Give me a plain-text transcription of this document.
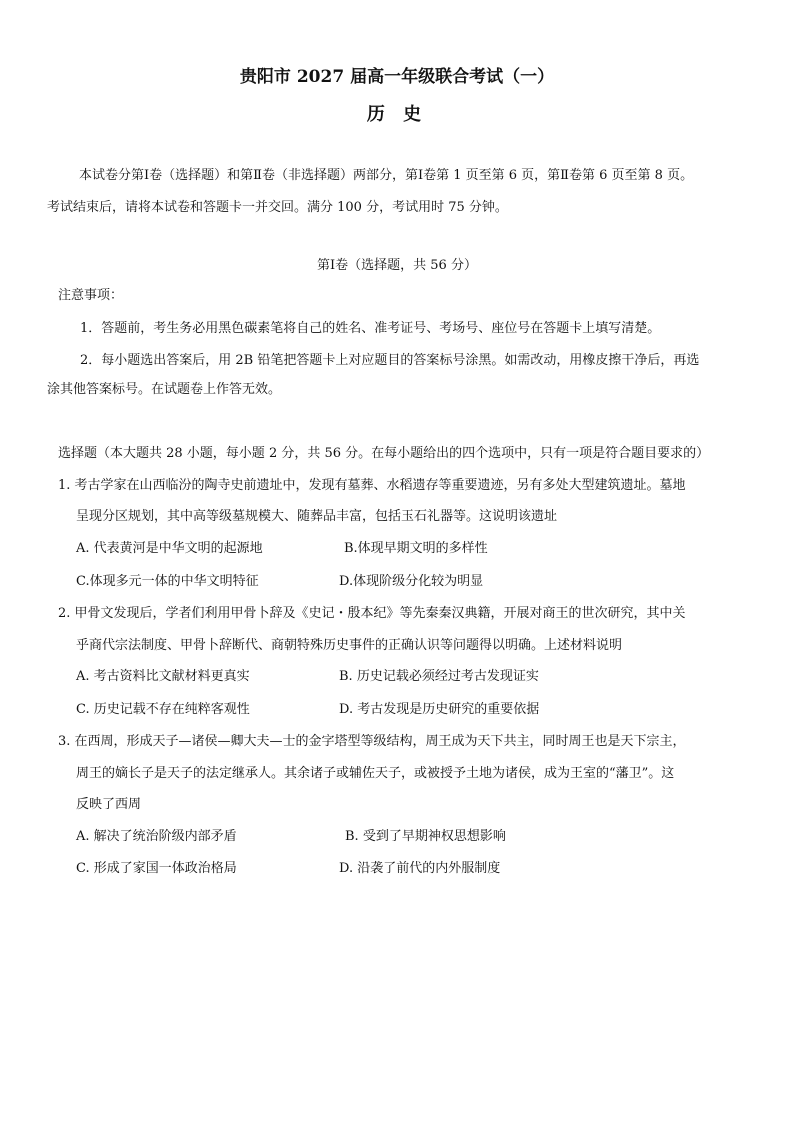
贵阳市 2027 届高一年级联合考试（一）
历 史
本试卷分第Ⅰ卷（选择题）和第Ⅱ卷（非选择题）两部分，第Ⅰ卷第 1 页至第 6 页，第Ⅱ卷第 6 页至第 8 页。
考试结束后，请将本试卷和答题卡一并交回。满分 100 分，考试用时 75 分钟。
第Ⅰ卷（选择题，共 56 分）
注意事项：
1．答题前，考生务必用黑色碳素笔将自己的姓名、准考证号、考场号、座位号在答题卡上填写清楚。
2．每小题选出答案后，用 2B 铅笔把答题卡上对应题目的答案标号涂黑。如需改动，用橡皮擦干净后，再选
涂其他答案标号。在试题卷上作答无效。
选择题（本大题共 28 小题，每小题 2 分，共 56 分。在每小题给出的四个选项中，只有一项是符合题目要求的）
1. 考古学家在山西临汾的陶寺史前遗址中，发现有墓葬、水稻遗存等重要遗迹，另有多处大型建筑遗址。墓地
呈现分区规划，其中高等级墓规模大、随葬品丰富，包括玉石礼器等。这说明该遗址
A. 代表黄河是中华文明的起源地	B.体现早期文明的多样性
C.体现多元一体的中华文明特征	D.体现阶级分化较为明显
2. 甲骨文发现后，学者们利用甲骨卜辞及《史记・殷本纪》等先秦秦汉典籍，开展对商王的世次研究，其中关
乎商代宗法制度、甲骨卜辞断代、商朝特殊历史事件的正确认识等问题得以明确。上述材料说明
A. 考古资料比文献材料更真实	B. 历史记载必须经过考古发现证实
C. 历史记载不存在纯粹客观性	D. 考古发现是历史研究的重要依据
3. 在西周，形成天子—诸侯—卿大夫—士的金字塔型等级结构，周王成为天下共主，同时周王也是天下宗主，
周王的嫡长子是天子的法定继承人。其余诸子或辅佐天子，或被授予土地为诸侯，成为王室的“藩卫”。这
反映了西周
A. 解决了统治阶级内部矛盾	B. 受到了早期神权思想影响
C. 形成了家国一体政治格局	D. 沿袭了前代的内外服制度
